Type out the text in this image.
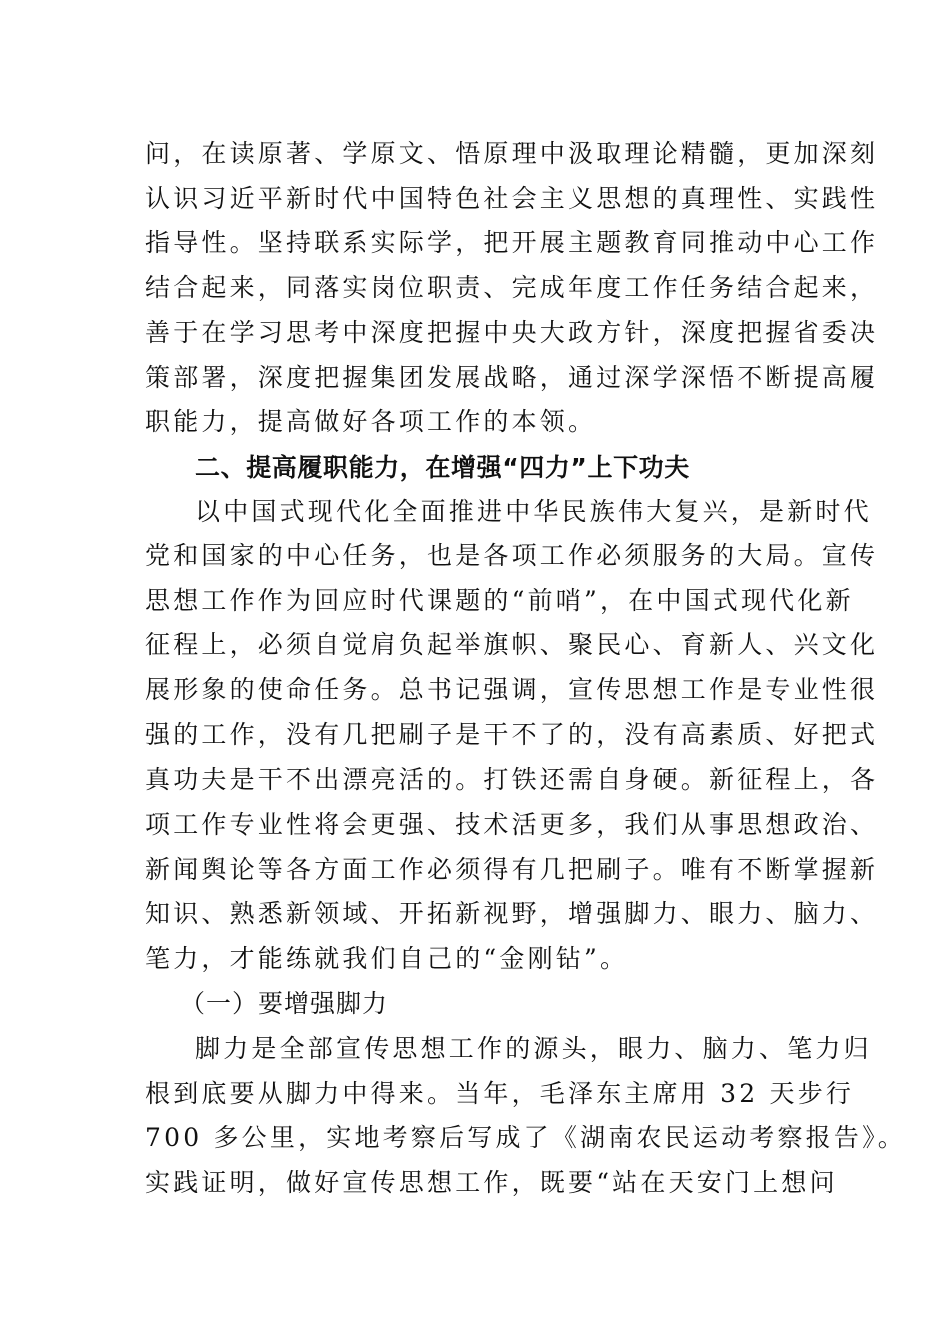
问，在读原著、学原文、悟原理中汲取理论精髓，更加深刻
认识习近平新时代中国特色社会主义思想的真理性、实践性
指导性。坚持联系实际学，把开展主题教育同推动中心工作
结合起来，同落实岗位职责、完成年度工作任务结合起来，
善于在学习思考中深度把握中央大政方针，深度把握省委决
策部署，深度把握集团发展战略，通过深学深悟不断提高履
职能力，提高做好各项工作的本领。
二、提高履职能力，在增强“四力”上下功夫
以中国式现代化全面推进中华民族伟大复兴，是新时代
党和国家的中心任务，也是各项工作必须服务的大局。宣传
思想工作作为回应时代课题的“前哨”，在中国式现代化新
征程上，必须自觉肩负起举旗帜、聚民心、育新人、兴文化
展形象的使命任务。总书记强调，宣传思想工作是专业性很
强的工作，没有几把刷子是干不了的，没有高素质、好把式
真功夫是干不出漂亮活的。打铁还需自身硬。新征程上，各
项工作专业性将会更强、技术活更多，我们从事思想政治、
新闻舆论等各方面工作必须得有几把刷子。唯有不断掌握新
知识、熟悉新领域、开拓新视野，增强脚力、眼力、脑力、
笔力，才能练就我们自己的“金刚钻”。
（一）要增强脚力
脚力是全部宣传思想工作的源头，眼力、脑力、笔力归
根到底要从脚力中得来。当年，毛泽东主席用 32 天步行
700 多公里，实地考察后写成了《湖南农民运动考察报告》。
实践证明，做好宣传思想工作，既要“站在天安门上想问
